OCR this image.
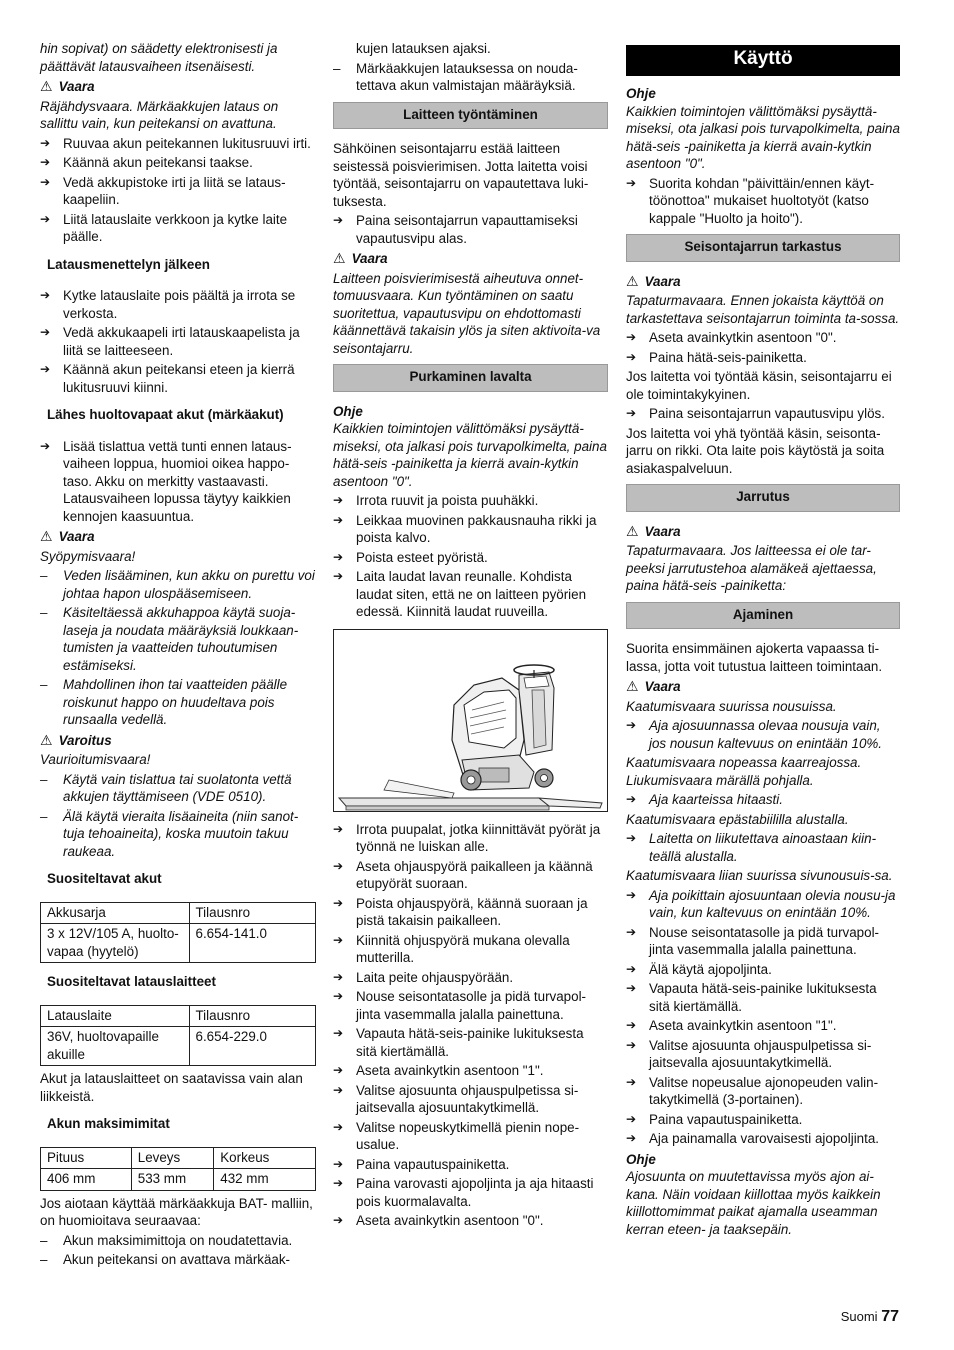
hin sopivat) on säädetty elektronisesti ja päättävät latausvaiheen itsenäisesti.

⚠ Vaara

Räjähdysvaara. Märkäakkujen lataus on sallittu vain, kun peitekansi on avattuna.

➔ Ruuvaa akun peitekannen lukitusruuvi irti.
➔ Käännä akun peitekansi taakse.
➔ Vedä akkupistoke irti ja liitä se lataus-kaapeliin.
➔ Liitä latauslaite verkkoon ja kytke laite päälle.
Latausmenettelyn jälkeen
➔ Kytke latauslaite pois päältä ja irrota se verkosta.
➔ Vedä akkukaapeli irti latauskaapelista ja liitä se laitteeseen.
➔ Käännä akun peitekansi eteen ja kierrä lukitusruuvi kiinni.
Lähes huoltovapaat akut (märkäakut)
➔ Lisää tislattua vettä tunti ennen lataus-vaiheen loppua, huomioi oikea happo-taso. Akku on merkitty vastaavasti. Latausvaiheen lopussa täytyy kaikkien kennojen kaasuuntua.
⚠ Vaara

Syöpymisvaara!

– Veden lisääminen, kun akku on purettu voi johtaa hapon ulospääsemiseen.
– Käsiteltäessä akkuhappoa käytä suoja-laseja ja noudata määräyksiä loukkaan-tumisten ja vaatteiden tuhoutumisen estämiseksi.
– Mahdollinen ihon tai vaatteiden päälle roiskunut happo on huudeltava pois runsaalla vedellä.
⚠ Varoitus

Vaurioitumisvaara!

– Käytä vain tislattua tai suolatonta vettä akkujen täyttämiseen (VDE 0510).
– Älä käytä vieraita lisäaineita (niin sanot-tuja tehoaineita), koska muutoin takuu raukeaa.
Suositeltavat akut
Akkusarja	Tilausnro
3 x 12V/105 A, huolto-vapaa (hyytelö)	6.654-141.0
Suositeltavat latauslaitteet
Latauslaite	Tilausnro
36V, huoltovapaille akuille	6.654-229.0

Akut ja latauslaitteet on saatavissa vain alan liikkeistä.

Akun maksimimitat
Pituus	Leveys	Korkeus
406 mm	533 mm	432 mm

Jos aiotaan käyttää märkäakkuja BAT- malliin, on huomioitava seuraavaa:

– Akun maksimimittoja on noudatettavia.
– Akun peitekansi on avattava märkäak-
kujen latauksen ajaksi.
– Märkäakkujen latauksessa on nouda-tettava akun valmistajan määräyksiä.
Laitteen työntäminen

Sähköinen seisontajarru estää laitteen seistessä poisvierimisen. Jotta laitetta voisi työntää, seisontajarru on vapautettava luki-tuksesta.

➔ Paina seisontajarrun vapauttamiseksi vapautusvipu alas.
⚠ Vaara

Laitteen poisvierimisestä aiheutuva onnet-tomuusvaara. Kun työntäminen on saatu suoritettua, vapautusvipu on ehdottomasti käännettävä takaisin ylös ja siten aktivoita-va seisontajarru.

Purkaminen lavalta
Ohje

Kaikkien toimintojen välittömäksi pysäyttä-miseksi, ota jalkasi pois turvapolkimelta, paina hätä-seis -painiketta ja kierrä avain-kytkin asentoon "0".

➔ Irrota ruuvit ja poista puuhäkki.
➔ Leikkaa muovinen pakkausnauha rikki ja poista kalvo.
➔ Poista esteet pyöristä.
➔ Laita laudat lavan reunalle. Kohdista laudat siten, että ne on laitteen pyörien edessä. Kiinnitä laudat ruuveilla.
➔ Irrota puupalat, jotka kiinnittävät pyörät ja työnnä ne luiskan alle.
➔ Aseta ohjauspyörä paikalleen ja käännä etupyörät suoraan.
➔ Poista ohjauspyörä, käännä suoraan ja pistä takaisin paikalleen.
➔ Kiinnitä ohjuspyörä mukana olevalla mutterilla.
➔ Laita peite ohjauspyörään.
➔ Nouse seisontatasolle ja pidä turvapol-jinta vasemmalla jalalla painettuna.
➔ Vapauta hätä-seis-painike lukituksesta sitä kiertämällä.
➔ Aseta avainkytkin asentoon "1".
➔ Valitse ajosuunta ohjauspulpetissa si-jaitsevalla ajosuuntakytkimellä.
➔ Valitse nopeuskytkimellä pienin nope-usalue.
➔ Paina vapautuspainiketta.
➔ Paina varovasti ajopoljinta ja aja hitaasti pois kuormalavalta.
➔ Aseta avainkytkin asentoon "0".
Käyttö
Ohje

Kaikkien toimintojen välittömäksi pysäyttä-miseksi, ota jalkasi pois turvapolkimelta, paina hätä-seis -painiketta ja kierrä avain-kytkin asentoon "0".

➔ Suorita kohdan "päivittäin/ennen käyt-töönottoa" mukaiset huoltotyöt (katso kappale "Huolto ja hoito").
Seisontajarrun tarkastus
⚠ Vaara

Tapaturmavaara. Ennen jokaista käyttöä on tarkastettava seisontajarrun toiminta ta-sossa.

➔ Aseta avainkytkin asentoon "0".
➔ Paina hätä-seis-painiketta.

Jos laitetta voi työntää käsin, seisontajarru ei ole toimintakykyinen.

➔ Paina seisontajarrun vapautusvipu ylös.

Jos laitetta voi yhä työntää käsin, seisonta-jarru on rikki. Ota laite pois käytöstä ja soita asiakaspalveluun.

Jarrutus
⚠ Vaara

Tapaturmavaara. Jos laitteessa ei ole tar-peeksi jarrutustehoa alamäkeä ajettaessa, paina hätä-seis -painiketta:

Ajaminen

Suorita ensimmäinen ajokerta vapaassa ti-lassa, jotta voit tutustua laitteen toimintaan.

⚠ Vaara

Kaatumisvaara suurissa nousuissa.

➔ Aja ajosuunnassa olevaa nousuja vain, jos nousun kaltevuus on enintään 10%.

Kaatumisvaara nopeassa kaarreajossa. Liukumisvaara märällä pohjalla.

➔ Aja kaarteissa hitaasti.

Kaatumisvaara epästabiililla alustalla.

➔ Laitetta on liikutettava ainoastaan kiin-teällä alustalla.

Kaatumisvaara liian suurissa sivunousuis-sa.

➔ Aja poikittain ajosuuntaan olevia nousu-ja vain, kun kaltevuus on enintään 10%.
➔ Nouse seisontatasolle ja pidä turvapol-jinta vasemmalla jalalla painettuna.
➔ Älä käytä ajopoljinta.
➔ Vapauta hätä-seis-painike lukituksesta sitä kiertämällä.
➔ Aseta avainkytkin asentoon "1".
➔ Valitse ajosuunta ohjauspulpetissa si-jaitsevalla ajosuuntakytkimellä.
➔ Valitse nopeusalue ajonopeuden valin-takytkimellä (3-portainen).
➔ Paina vapautuspainiketta.
➔ Aja painamalla varovaisesti ajopoljinta.
Ohje

Ajosuunta on muutettavissa myös ajon ai-kana. Näin voidaan kiillottaa myös kaikkein kiillottomimmat paikat ajamalla useamman kerran eteen- ja taaksepäin.

Suomi 77
